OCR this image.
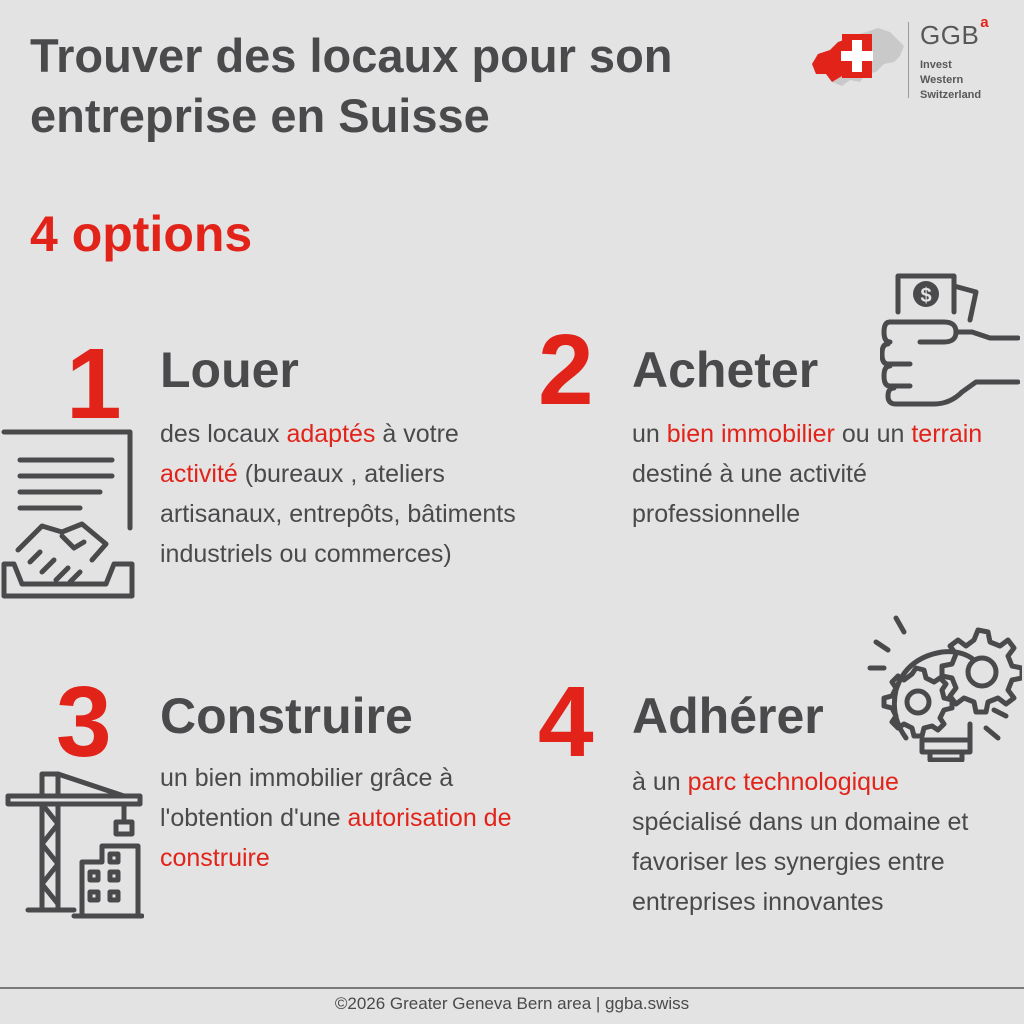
Trouver des locaux pour son entreprise en Suisse
4 options
GGB$^a$
Invest
Western
Switzerland
1 Louer
des locaux adaptés à votre activité (bureaux , ateliers artisanaux, entrepôts, bâtiments industriels ou commerces)
2 Acheter
un bien immobilier ou un terrain destiné à une activité professionnelle
$
3 Construire
un bien immobilier grâce à l'obtention d'une autorisation de construire
4 Adhérer
à un parc technologique spécialisé dans un domaine et favoriser les synergies entre entreprises innovantes
©2026 Greater Geneva Bern area | ggba.swiss
